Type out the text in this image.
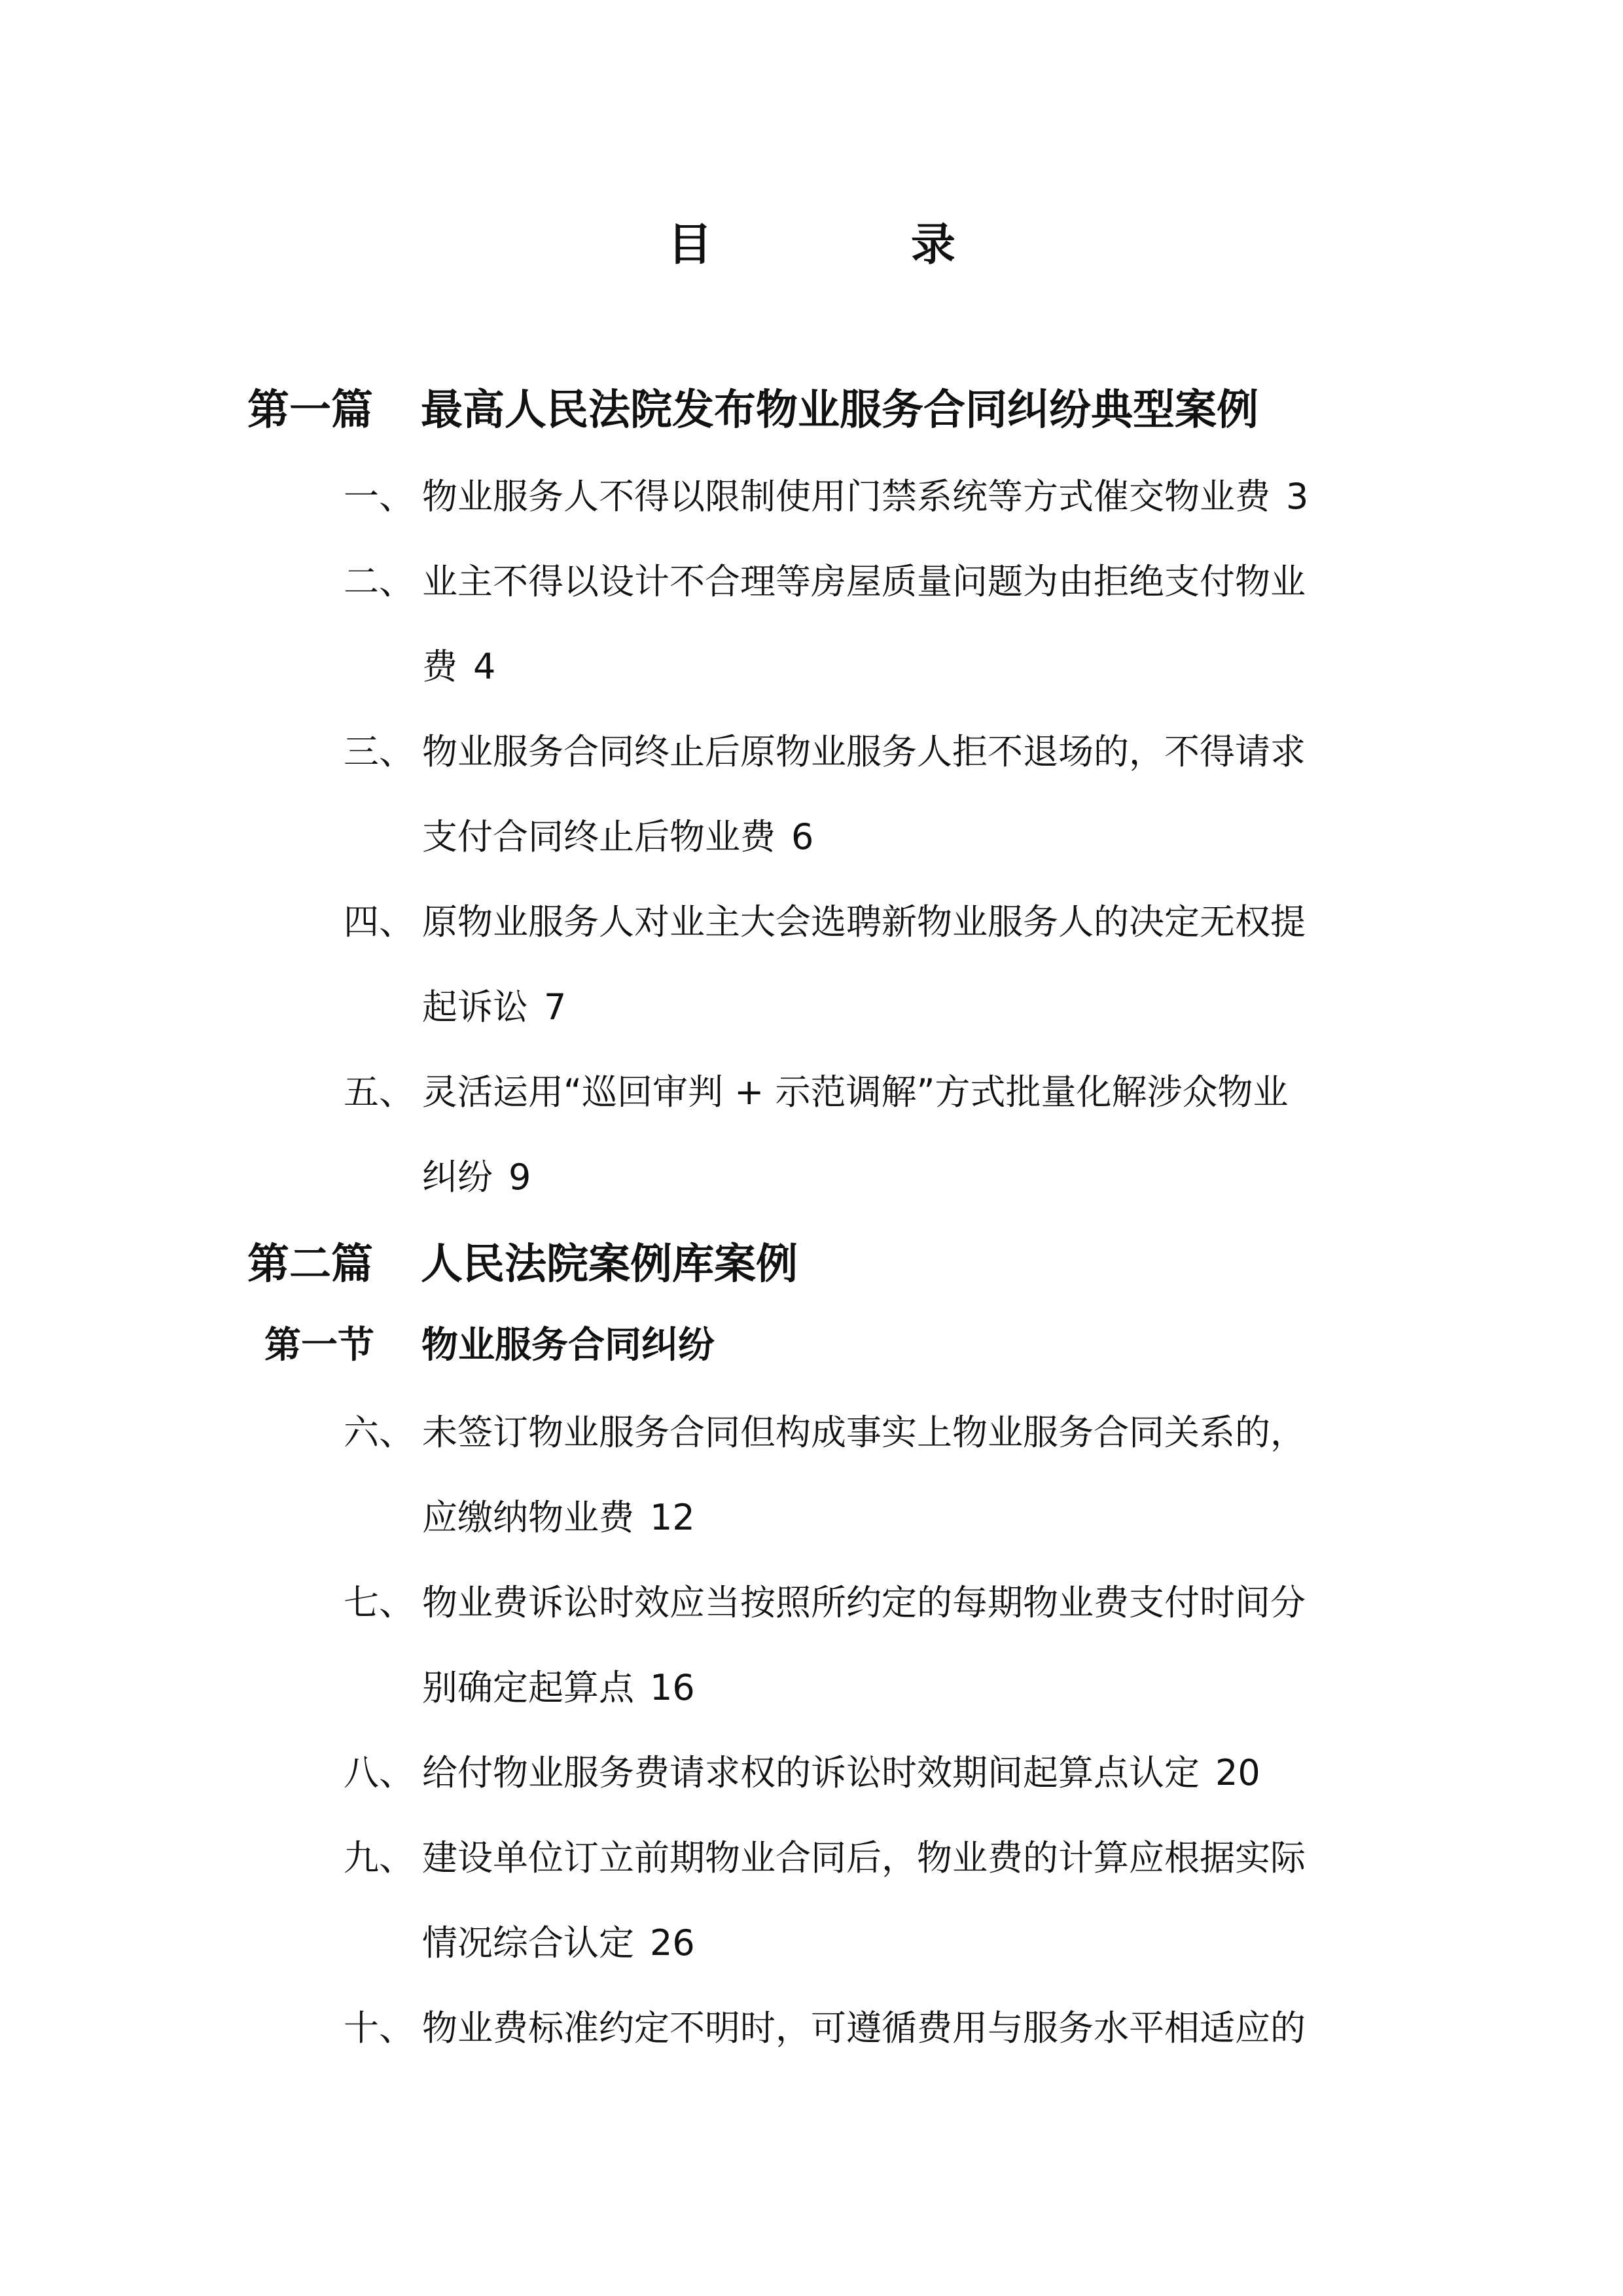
目 录
第一篇 最高人民法院发布物业服务合同纠纷典型案例
一、 物业服务人不得以限制使用门禁系统等方式催交物业费 3
二、 业主不得以设计不合理等房屋质量问题为由拒绝支付物业
费 4
三、 物业服务合同终止后原物业服务人拒不退场的，不得请求
支付合同终止后物业费 6
四、 原物业服务人对业主大会选聘新物业服务人的决定无权提
起诉讼 7
五、 灵活运用“巡回审判 + 示范调解”方式批量化解涉众物业
纠纷 9
第二篇 人民法院案例库案例
第一节 物业服务合同纠纷
六、 未签订物业服务合同但构成事实上物业服务合同关系的，
应缴纳物业费 12
七、 物业费诉讼时效应当按照所约定的每期物业费支付时间分
别确定起算点 16
八、 给付物业服务费请求权的诉讼时效期间起算点认定 20
九、 建设单位订立前期物业合同后，物业费的计算应根据实际
情况综合认定 26
十、 物业费标准约定不明时，可遵循费用与服务水平相适应的
